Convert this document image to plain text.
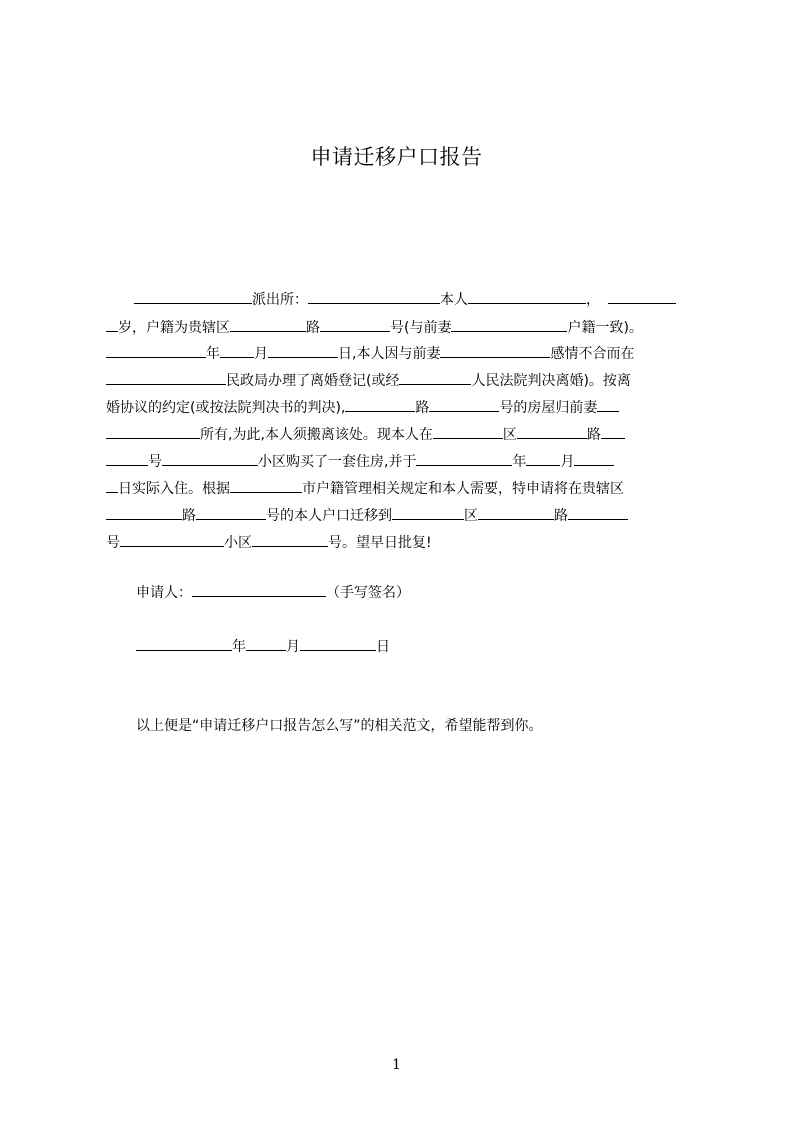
申请迁移户口报告
派出所：	本人	，
岁，户籍为贵辖区	路	号(与前妻	户籍一致)。
年 月	日,本人因与前妻	感情不合而在
民政局办理了离婚登记(或经	人民法院判决离婚)。按离
婚协议的约定(或按法院判决书的判决),	路	号的房屋归前妻
所有,为此,本人须搬离该处。现本人在	区	路
号	小区购买了一套住房,并于	年 月
日实际入住。根据	市户籍管理相关规定和本人需要，特申请将在贵辖区
路	号的本人户口迁移到	区	路
号	小区	号。望早日批复!
申请人：	（手写签名）
年	月	日
以上便是“申请迁移户口报告怎么写”的相关范文，希望能帮到你。
1
